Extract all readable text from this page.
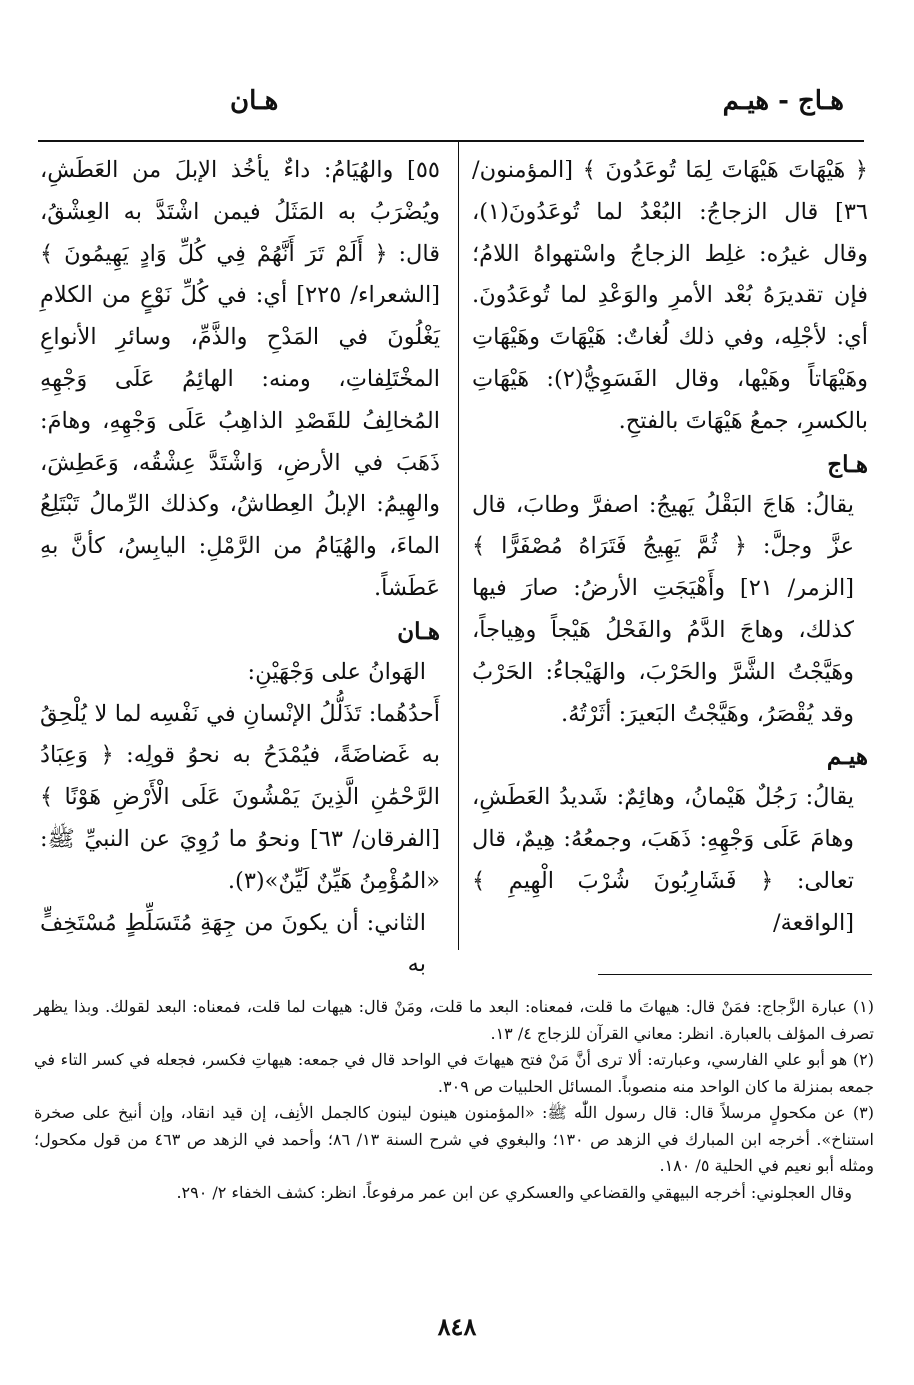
هـاج - هيـم
هـان

﴿ هَيْهَاتَ هَيْهَاتَ لِمَا تُوعَدُونَ ﴾ [المؤمنون/ ٣٦] قال الزجاجُ: البُعْدُ لما تُوعَدُونَ(١)، وقال غيرُه: غلِط الزجاجُ واسْتهواهُ اللامُ؛ فإن تقديرَهُ بُعْد الأمرِ والوَعْدِ لما تُوعَدُونَ. أي: لأجْلِه، وفي ذلك لُغاتٌ: هَيْهَاتَ وهَيْهَاتِ وهَيْهَاتاً وهَيْها، وقال الفَسَوِيُّ(٢): هَيْهَاتِ بالكسرِ، جمعُ هَيْهَاتَ بالفتحِ.

هـاج

يقالُ: هَاجَ البَقْلُ يَهيجُ: اصفرَّ وطابَ، قال عزَّ وجلَّ: ﴿ ثُمَّ يَهِيجُ فَتَرَاهُ مُصْفَرًّا ﴾ [الزمر/ ٢١] وأَهْيَجَتِ الأرضُ: صارَ فيها كذلك، وهاجَ الدَّمُ والفَحْلُ هَيْجاً وهِياجاً، وهَيَّجْتُ الشَّرَّ والحَرْبَ، والهَيْجاءُ: الحَرْبُ وقد يُقْصَرُ، وهَيَّجْتُ البَعيرَ: أثَرْتُهُ.

هيـم

يقالُ: رَجُلٌ هَيْمانُ، وهائِمٌ: شَديدُ العَطَشِ، وهامَ عَلَى وَجْهِهِ: ذَهَبَ، وجمعُهُ: هِيمٌ، قال تعالى: ﴿ فَشَارِبُونَ شُرْبَ الْهِيمِ ﴾ [الواقعة/

٥٥] والهُيَامُ: داءٌ يأخُذ الإبلَ من العَطَشِ، ويُضْرَبُ به المَثَلُ فيمن اشْتَدَّ به العِشْقُ، قال: ﴿ أَلَمْ تَرَ أَنَّهُمْ فِي كُلِّ وَادٍ يَهِيمُونَ ﴾ [الشعراء/ ٢٢٥] أي: في كُلِّ نَوْعٍ من الكلامِ يَغْلُونَ في المَدْحِ والذَّمِّ، وسائرِ الأنواعِ المخْتَلِفاتِ، ومنه: الهائِمُ عَلَى وَجْهِهِ المُخالِفُ للقَصْدِ الذاهِبُ عَلَى وَجْهِهِ، وهامَ: ذَهَبَ في الأرضِ، وَاشْتَدَّ عِشْقُه، وَعَطِشَ، والهِيمُ: الإبلُ العِطاشُ، وكذلك الرِّمالُ تَبْتَلِعُ الماءَ، والهُيَامُ من الرَّمْلِ: اليابِسُ، كأنَّ بهِ عَطَشاً.

هـان

الهَوانُ على وَجْهَيْنِ:

أَحدُهُما: تَذَلُّلُ الإنْسانِ في نَفْسِه لما لا يُلْحِقُ به غَضاضَةً، فيُمْدَحُ به نحوُ قولِه: ﴿ وَعِبَادُ الرَّحْمَٰنِ الَّذِينَ يَمْشُونَ عَلَى الْأَرْضِ هَوْنًا ﴾ [الفرقان/ ٦٣] ونحوُ ما رُوِيَ عن النبيِّ ﷺ: «المُؤْمِنُ هَيِّنٌ لَيِّنٌ»(٣).

الثاني: أن يكونَ من جِهَةِ مُتَسَلِّطٍ مُسْتَخِفٍّ به

(١) عبارة الزَّجاج: فمَنْ قال: هيهاتَ ما قلت، فمعناه: البعد ما قلت، ومَنْ قال: هيهات لما قلت، فمعناه: البعد لقولك. وبذا يظهر تصرف المؤلف بالعبارة. انظر: معاني القرآن للزجاج ٤/ ١٣.

(٢) هو أبو علي الفارسي، وعبارته: ألا ترى أنَّ مَنْ فتح هيهاتَ في الواحد قال في جمعه: هيهاتِ فكسر، فجعله في كسر التاء في جمعه بمنزلة ما كان الواحد منه منصوباً. المسائل الحلبيات ص ٣٠٩.

(٣) عن مكحولٍ مرسلاً قال: قال رسول اللّٰه ﷺ: «المؤمنون هينون لينون كالجمل الأنِف، إن قيد انقاد، وإن أنيخ على صخرة استناخ». أخرجه ابن المبارك في الزهد ص ١٣٠؛ والبغوي في شرح السنة ١٣/ ٨٦؛ وأحمد في الزهد ص ٤٦٣ من قول مكحول؛ ومثله أبو نعيم في الحلية ٥/ ١٨٠.

وقال العجلوني: أخرجه البيهقي والقضاعي والعسكري عن ابن عمر مرفوعاً. انظر: كشف الخفاء ٢/ ٢٩٠.

٨٤٨
